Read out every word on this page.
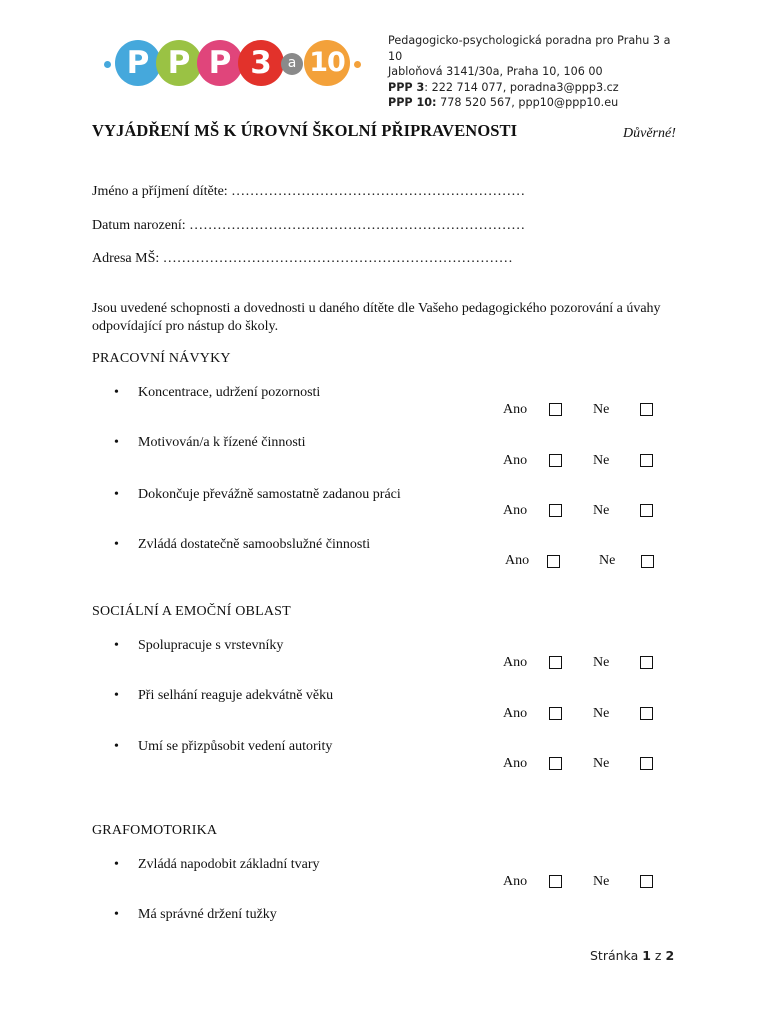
P P P 3	a 10
Pedagogicko-psychologická poradna pro Prahu 3 a 10
Jabloňová 3141/30a, Praha 10, 106 00
PPP 3: 222 714 077, poradna3@ppp3.cz
PPP 10: 778 520 567, ppp10@ppp10.eu
VYJÁDŘENÍ MŠ K ÚROVNÍ ŠKOLNÍ PŘIPRAVENOSTI	Důvěrné!
Jméno a příjmení dítěte: ………………………………………………………
Datum narození: ………………………………………………………………
Adresa MŠ: …………………………………………………………………
Jsou uvedené schopnosti a dovednosti u daného dítěte dle Vašeho pedagogického pozorování a úvahy odpovídající pro nástup do školy.
PRACOVNÍ NÁVYKY
• Koncentrace, udržení pozornosti
Ano	Ne
• Motivován/a k řízené činnosti
Ano	Ne
• Dokončuje převážně samostatně zadanou práci
Ano	Ne
• Zvládá dostatečně samoobslužné činnosti
Ano	Ne
SOCIÁLNÍ A EMOČNÍ OBLAST
• Spolupracuje s vrstevníky
Ano	Ne
• Při selhání reaguje adekvátně věku
Ano	Ne
• Umí se přizpůsobit vedení autority
Ano	Ne
GRAFOMOTORIKA
• Zvládá napodobit základní tvary
Ano	Ne
• Má správné držení tužky
Stránka 1 z 2
